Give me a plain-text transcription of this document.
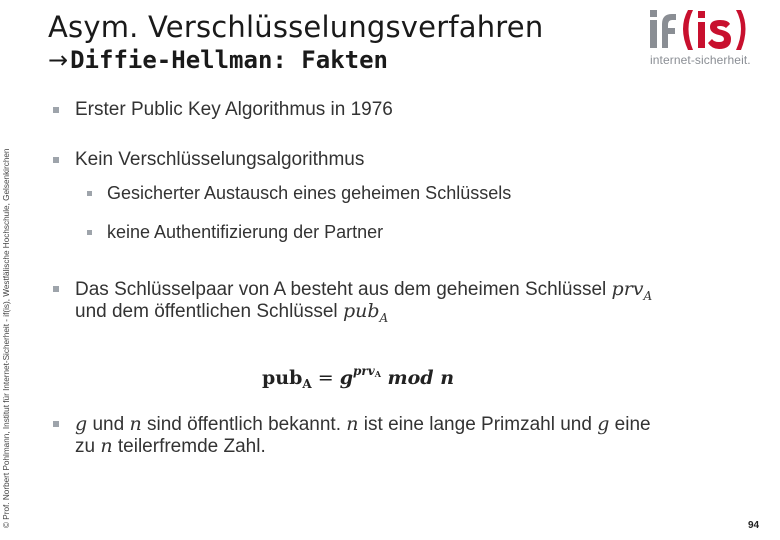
Asym. Verschlüsselungsverfahren
→Diffie-Hellman: Fakten	internet-sicherheit.
© Prof. Norbert Pohlmann, Institut für Internet-Sicherheit - if(is), Westfälische Hochschule, Gelsenkirchen
Erster Public Key Algorithmus in 1976
Kein Verschlüsselungsalgorithmus
Gesicherter Austausch eines geheimen Schlüssels
keine Authentifizierung der Partner
Das Schlüsselpaar von A besteht aus dem geheimen Schlüssel prv$_A$
und dem öffentlichen Schlüssel pub$_A$
$pub_A = g^{prvA}$ mod n
g und n sind öffentlich bekannt. n ist eine lange Primzahl und g eine
zu n teilerfremde Zahl.
94
